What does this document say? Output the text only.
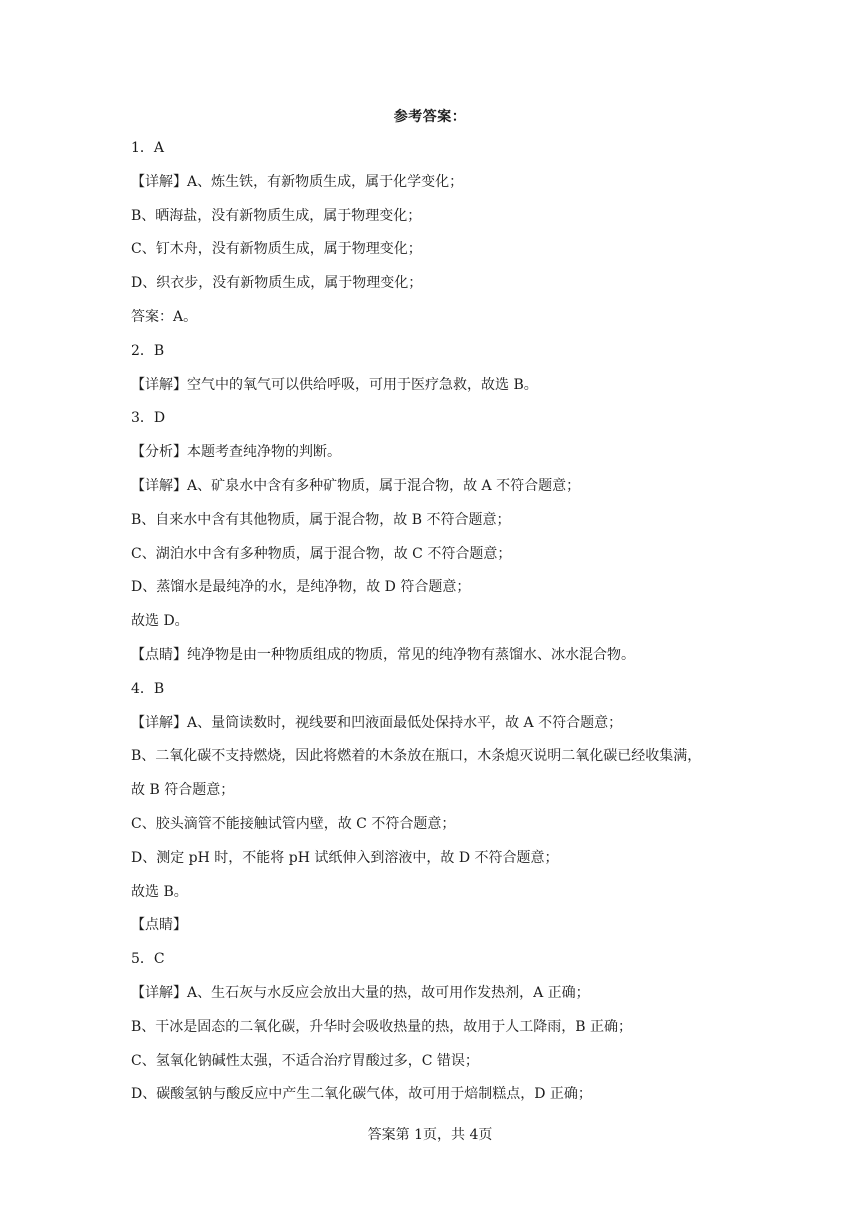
参考答案：
1．A
【详解】A、炼生铁，有新物质生成，属于化学变化；
B、晒海盐，没有新物质生成，属于物理变化；
C、钉木舟，没有新物质生成，属于物理变化；
D、织衣步，没有新物质生成，属于物理变化；
答案：A。
2．B
【详解】空气中的氧气可以供给呼吸，可用于医疗急救，故选 B。
3．D
【分析】本题考查纯净物的判断。
【详解】A、矿泉水中含有多种矿物质，属于混合物，故 A 不符合题意；
B、自来水中含有其他物质，属于混合物，故 B 不符合题意；
C、湖泊水中含有多种物质，属于混合物，故 C 不符合题意；
D、蒸馏水是最纯净的水，是纯净物，故 D 符合题意；
故选 D。
【点睛】纯净物是由一种物质组成的物质，常见的纯净物有蒸馏水、冰水混合物。
4．B
【详解】A、量筒读数时，视线要和凹液面最低处保持水平，故 A 不符合题意；
B、二氧化碳不支持燃烧，因此将燃着的木条放在瓶口，木条熄灭说明二氧化碳已经收集满，
故 B 符合题意；
C、胶头滴管不能接触试管内壁，故 C 不符合题意；
D、测定 pH 时，不能将 pH 试纸伸入到溶液中，故 D 不符合题意；
故选 B。
【点睛】
5．C
【详解】A、生石灰与水反应会放出大量的热，故可用作发热剂，A 正确；
B、干冰是固态的二氧化碳，升华时会吸收热量的热，故用于人工降雨，B 正确；
C、氢氧化钠碱性太强，不适合治疗胃酸过多，C 错误；
D、碳酸氢钠与酸反应中产生二氧化碳气体，故可用于焙制糕点，D 正确；
答案第 1页，共 4页
